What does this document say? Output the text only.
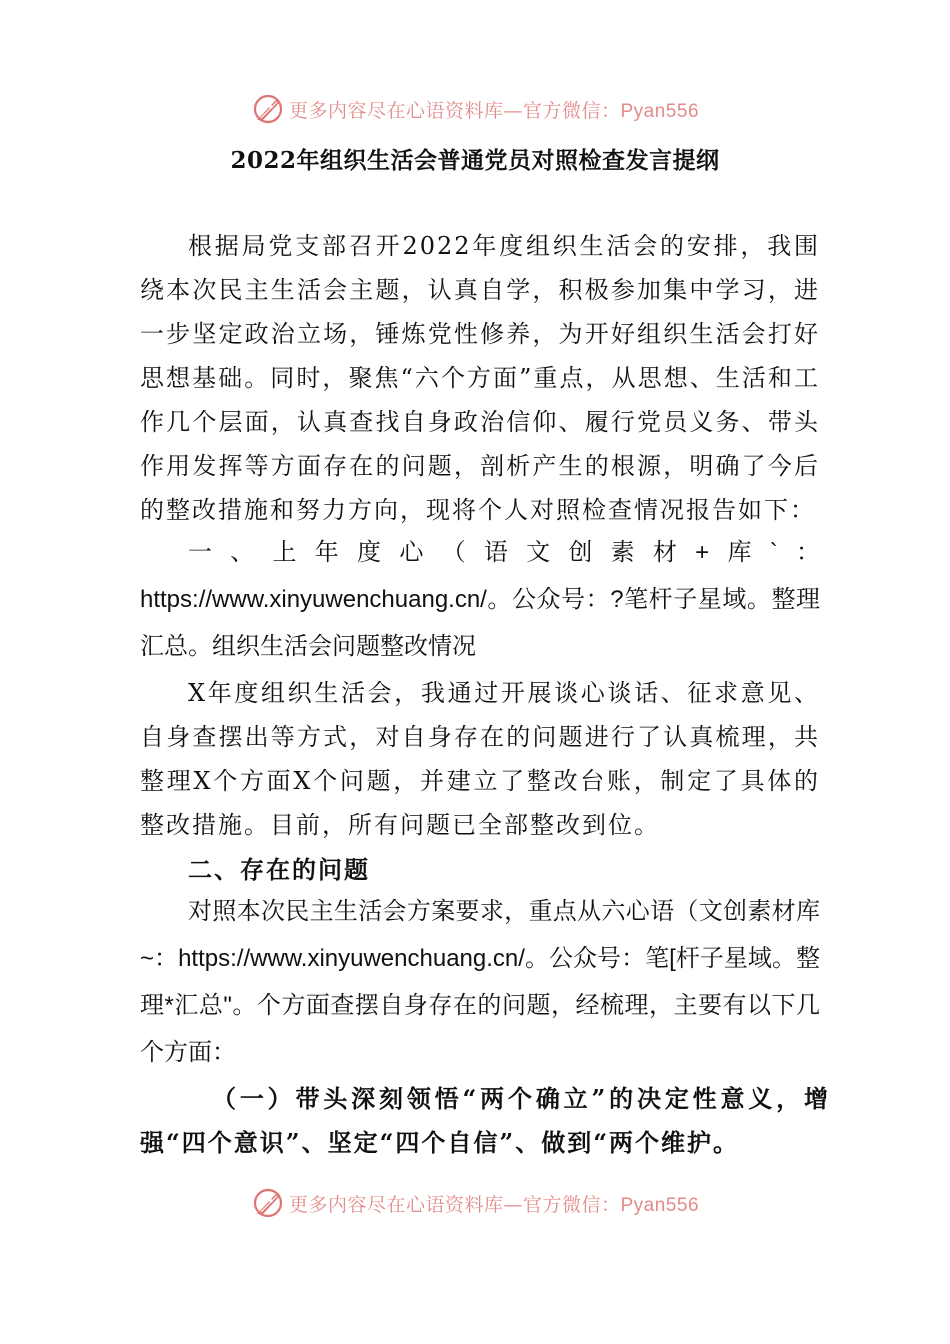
更多内容尽在心语资料库—官方微信：Pyan556
2022年组织生活会普通党员对照检查发言提纲

根据局党支部召开2022年度组织生活会的安排，我围绕本次民主生活会主题，认真自学，积极参加集中学习，进一步坚定政治立场，锤炼党性修养，为开好组织生活会打好思想基础。同时，聚焦“六个方面”重点，从思想、生活和工作几个层面，认真查找自身政治信仰、履行党员义务、带头作用发挥等方面存在的问题，剖析产生的根源，明确了今后的整改措施和努力方向，现将个人对照检查情况报告如下：

一、上年度心（语文创素材+库`：https://www.xinyuwenchuang.cn/。公众号：?笔杆子星域。整理汇总。组织生活会问题整改情况

X年度组织生活会，我通过开展谈心谈话、征求意见、自身查摆出等方式，对自身存在的问题进行了认真梳理，共整理X个方面X个问题，并建立了整改台账，制定了具体的整改措施。目前，所有问题已全部整改到位。

二、存在的问题

对照本次民主生活会方案要求，重点从六心语（文创素材库~：https://www.xinyuwenchuang.cn/。公众号：笔[杆子星域。整理*汇总"。个方面查摆自身存在的问题，经梳理，主要有以下几个方面：

（一）带头深刻领悟“两个确立”的决定性意义，增强“四个意识”、坚定“四个自信”、做到“两个维护。
更多内容尽在心语资料库—官方微信：Pyan556
